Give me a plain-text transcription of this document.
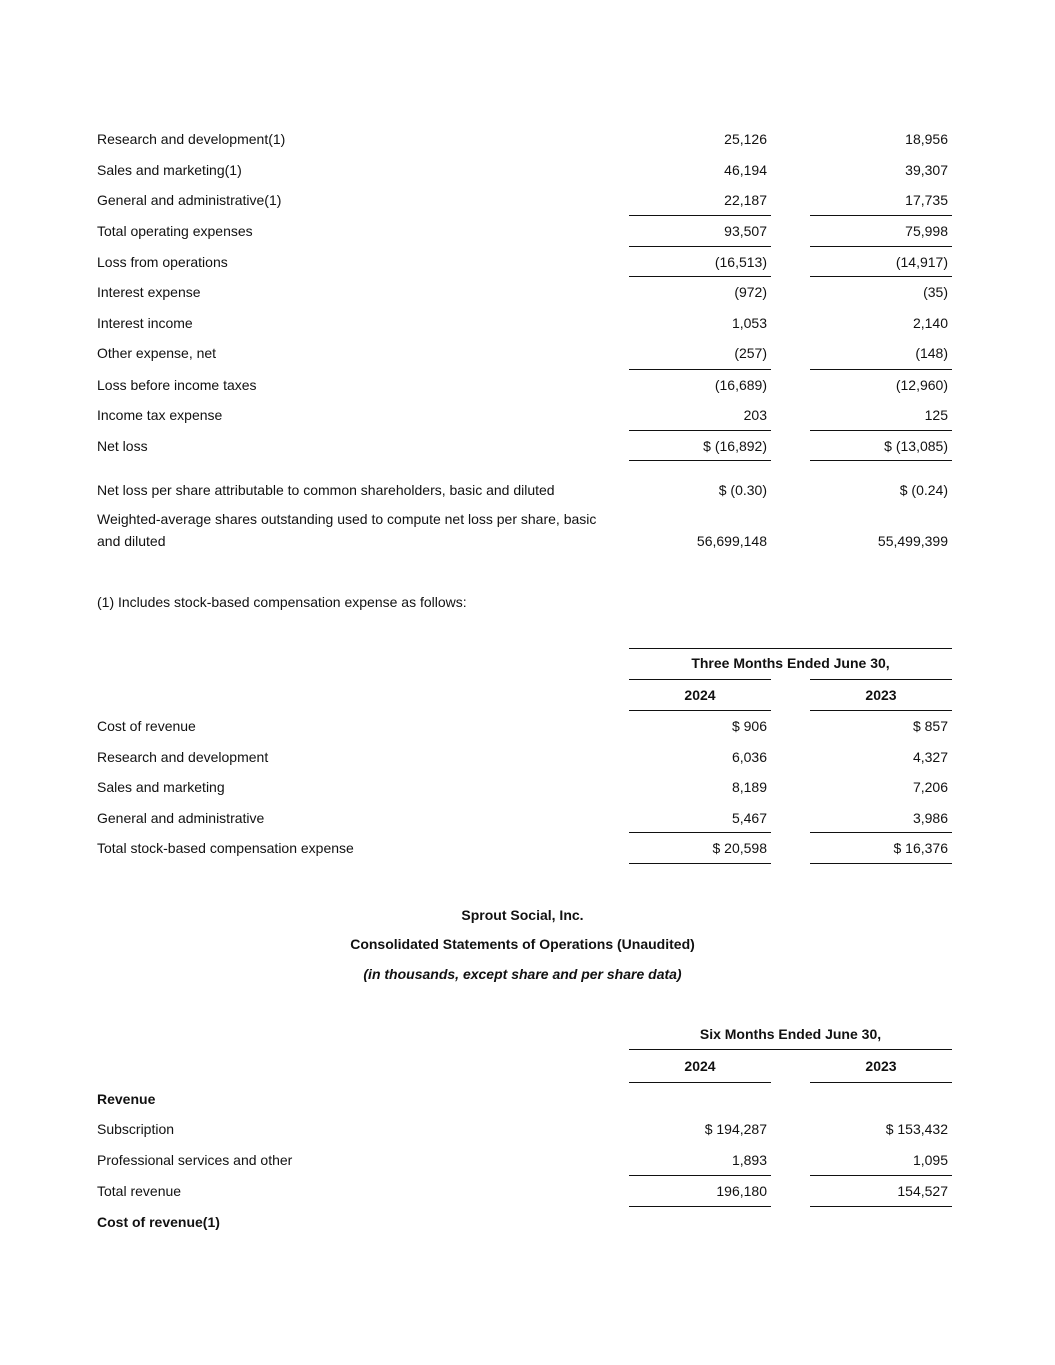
Research and development(1)	25,126	18,956
Sales and marketing(1)	46,194	39,307
General and administrative(1)	22,187	17,735
Total operating expenses	93,507	75,998
Loss from operations	(16,513)	(14,917)
Interest expense	(972)	(35)
Interest income	1,053	2,140
Other expense, net	(257)	(148)
Loss before income taxes	(16,689)	(12,960)
Income tax expense	203	125
Net loss	$ (16,892)	$ (13,085)
Net loss per share attributable to common shareholders, basic and diluted	$ (0.30)	$ (0.24)
Weighted-average shares outstanding used to compute net loss per share, basic and diluted	56,699,148	55,499,399
(1) Includes stock-based compensation expense as follows:
Three Months Ended June 30,
2024	2023
Cost of revenue	$ 906	$ 857
Research and development	6,036	4,327
Sales and marketing	8,189	7,206
General and administrative	5,467	3,986
Total stock-based compensation expense	$ 20,598	$ 16,376
Sprout Social, Inc.
Consolidated Statements of Operations (Unaudited)
(in thousands, except share and per share data)
Six Months Ended June 30,
2024	2023
Revenue
Subscription	$ 194,287	$ 153,432
Professional services and other	1,893	1,095
Total revenue	196,180	154,527
Cost of revenue(1)
